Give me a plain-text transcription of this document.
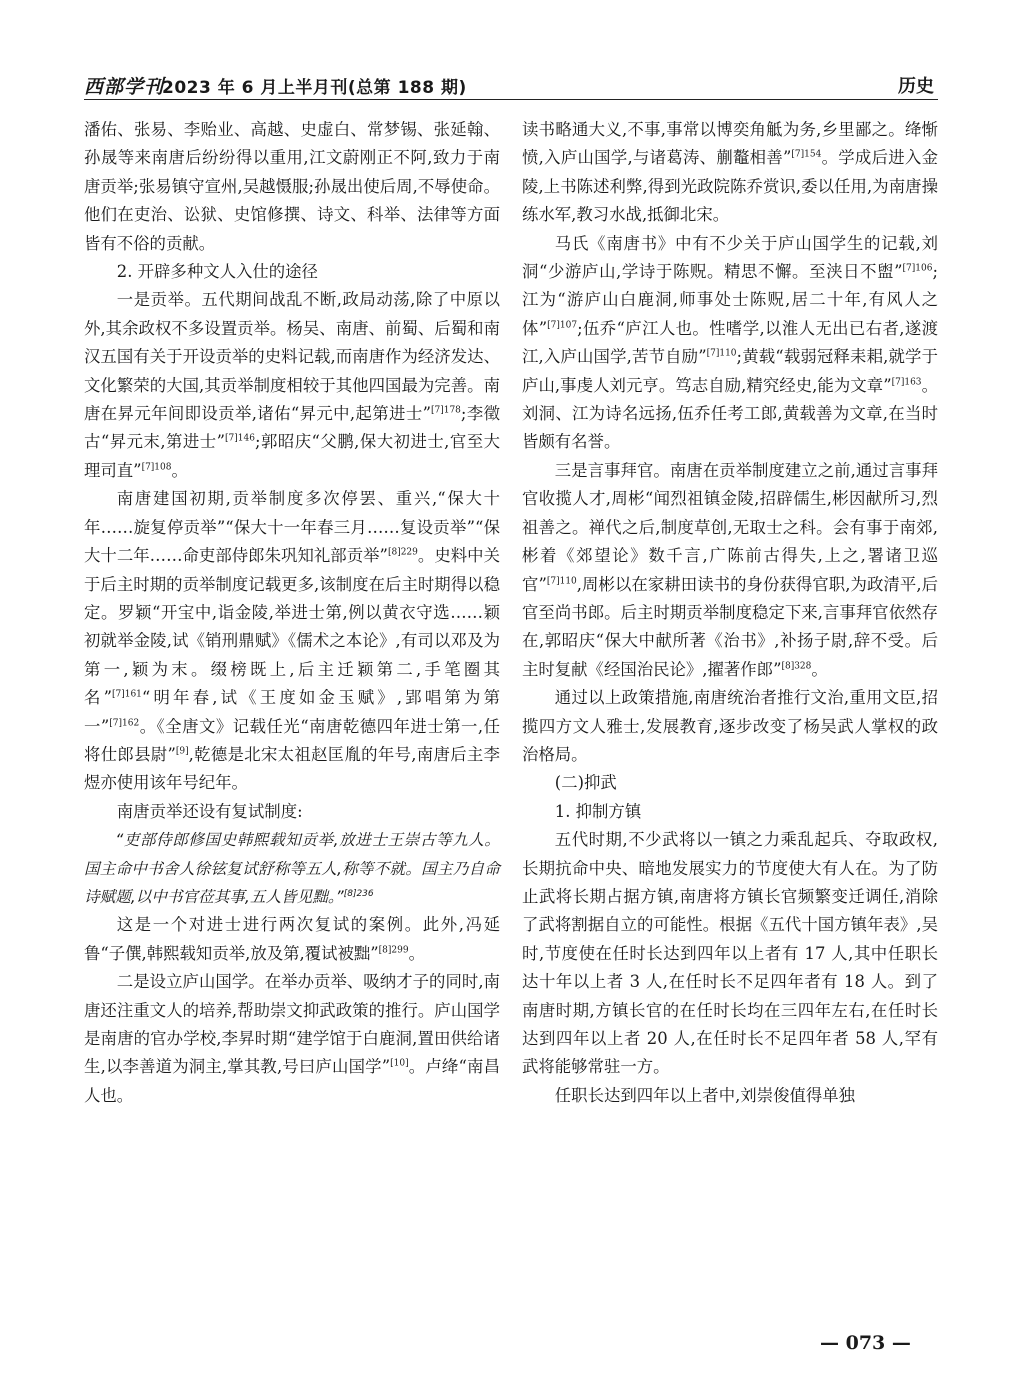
西部学刊
2023 年 6 月上半月刊(总第 188 期)	历史

潘佑、张易、李贻业、高越、史虚白、常梦锡、张延翰、孙晟等来南唐后纷纷得以重用,江文蔚刚正不阿,致力于南唐贡举;张易镇守宣州,吴越慑服;孙晟出使后周,不辱使命。他们在吏治、讼狱、史馆修撰、诗文、科举、法律等方面皆有不俗的贡献。

2. 开辟多种文人入仕的途径

一是贡举。五代期间战乱不断,政局动荡,除了中原以外,其余政权不多设置贡举。杨吴、南唐、前蜀、后蜀和南汉五国有关于开设贡举的史料记载,而南唐作为经济发达、文化繁荣的大国,其贡举制度相较于其他四国最为完善。南唐在昇元年间即设贡举,诸佑“昇元中,起第进士”$^{[7]178}$;李徵古“昇元末,第进士”$^{[7]146}$;郭昭庆“父鹏,保大初进士,官至大理司直”$^{[7]108}$。

南唐建国初期,贡举制度多次停罢、重兴,“保大十年……旋复停贡举”“保大十一年春三月……复设贡举”“保大十二年……命吏部侍郎朱巩知礼部贡举”$^{[8]229}$。史料中关于后主时期的贡举制度记载更多,该制度在后主时期得以稳定。罗颖“开宝中,诣金陵,举进士第,例以黄衣守选……颖初就举金陵,试《销刑鼎赋》《儒术之本论》,有司以邓及为第一,颖为末。缀榜既上,后主迁颖第二,手笔圈其名”$^{[7]161}$“明年春,试《王度如金玉赋》,郢唱第为第一”$^{[7]162}$。《全唐文》记载任光“南唐乾德四年进士第一,任将仕郎县尉”[9],乾德是北宋太祖赵匡胤的年号,南唐后主李煜亦使用该年号纪年。

南唐贡举还设有复试制度:

“吏部侍郎修国史韩熙载知贡举,放进士王崇古等九人。国主命中书舍人徐铉复试舒称等五人,称等不就。国主乃自命诗赋题,以中书官莅其事,五人皆见黜。”$^{[8]236}$

这是一个对进士进行两次复试的案例。此外,冯延鲁“子僎,韩熙载知贡举,放及第,覆试被黜”$^{[8]299}$。

二是设立庐山国学。在举办贡举、吸纳才子的同时,南唐还注重文人的培养,帮助崇文抑武政策的推行。庐山国学是南唐的官办学校,李昇时期“建学馆于白鹿洞,置田供给诸生,以李善道为洞主,掌其教,号曰庐山国学”[10]。卢绛“南昌人也。

读书略通大义,不事,事常以博奕角觝为务,乡里鄙之。绛惭愤,入庐山国学,与诸葛涛、蒯鼇相善”$^{[7]154}$。学成后进入金陵,上书陈述利弊,得到光政院陈乔赏识,委以任用,为南唐操练水军,教习水战,抵御北宋。

马氏《南唐书》中有不少关于庐山国学生的记载,刘洞“少游庐山,学诗于陈贶。精思不懈。至浃日不盥”$^{[7]106}$;江为“游庐山白鹿洞,师事处士陈贶,居二十年,有风人之体”$^{[7]107}$;伍乔“庐江人也。性嗜学,以淮人无出已右者,遂渡江,入庐山国学,苦节自励”$^{[7]110}$;黄载“载弱冠释耒耜,就学于庐山,事虔人刘元亨。笃志自励,精究经史,能为文章”$^{[7]163}$。刘洞、江为诗名远扬,伍乔任考工郎,黄载善为文章,在当时皆颇有名誉。

三是言事拜官。南唐在贡举制度建立之前,通过言事拜官收揽人才,周彬“闻烈祖镇金陵,招辟儒生,彬因献所习,烈祖善之。禅代之后,制度草创,无取士之科。会有事于南郊,彬着《郊望论》数千言,广陈前古得失,上之,署诸卫巡官”$^{[7]110}$,周彬以在家耕田读书的身份获得官职,为政清平,后官至尚书郎。后主时期贡举制度稳定下来,言事拜官依然存在,郭昭庆“保大中献所著《治书》,补扬子尉,辞不受。后主时复献《经国治民论》,擢著作郎”$^{[8]328}$。

通过以上政策措施,南唐统治者推行文治,重用文臣,招揽四方文人雅士,发展教育,逐步改变了杨吴武人掌权的政治格局。

(二)抑武

1. 抑制方镇

五代时期,不少武将以一镇之力乘乱起兵、夺取政权,长期抗命中央、暗地发展实力的节度使大有人在。为了防止武将长期占据方镇,南唐将方镇长官频繁变迁调任,消除了武将割据自立的可能性。根据《五代十国方镇年表》,吴时,节度使在任时长达到四年以上者有 17 人,其中任职长达十年以上者 3 人,在任时长不足四年者有 18 人。到了南唐时期,方镇长官的在任时长均在三四年左右,在任时长达到四年以上者 20 人,在任时长不足四年者 58 人,罕有武将能够常驻一方。

任职长达到四年以上者中,刘崇俊值得单独

— 073 —
